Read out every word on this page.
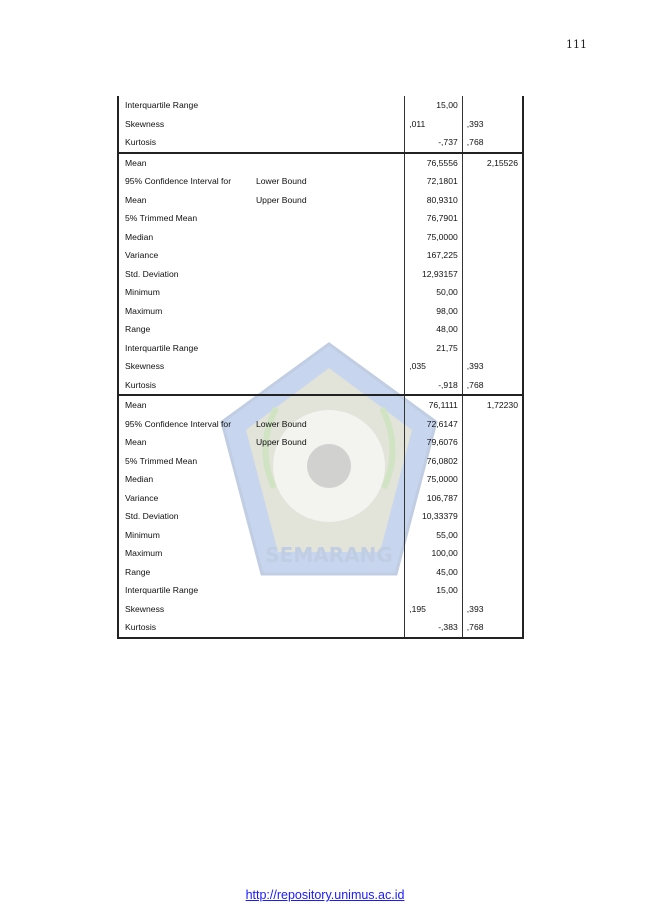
111
SEMARANG
Interquartile Range		15,00	
Skewness		,011	,393
Kurtosis		-,737	,768
Mean		76,5556	2,15526
95% Confidence Interval for	Lower Bound	72,1801	
Mean	Upper Bound	80,9310	
5% Trimmed Mean		76,7901	
Median		75,0000	
Variance		167,225	
Std. Deviation		12,93157	
Minimum		50,00	
Maximum		98,00	
Range		48,00	
Interquartile Range		21,75	
Skewness		,035	,393
Kurtosis		-,918	,768
Mean		76,1111	1,72230
95% Confidence Interval for	Lower Bound	72,6147	
Mean	Upper Bound	79,6076	
5% Trimmed Mean		76,0802	
Median		75,0000	
Variance		106,787	
Std. Deviation		10,33379	
Minimum		55,00	
Maximum		100,00	
Range		45,00	
Interquartile Range		15,00	
Skewness		,195	,393
Kurtosis		-,383	,768
http://repository.unimus.ac.id
